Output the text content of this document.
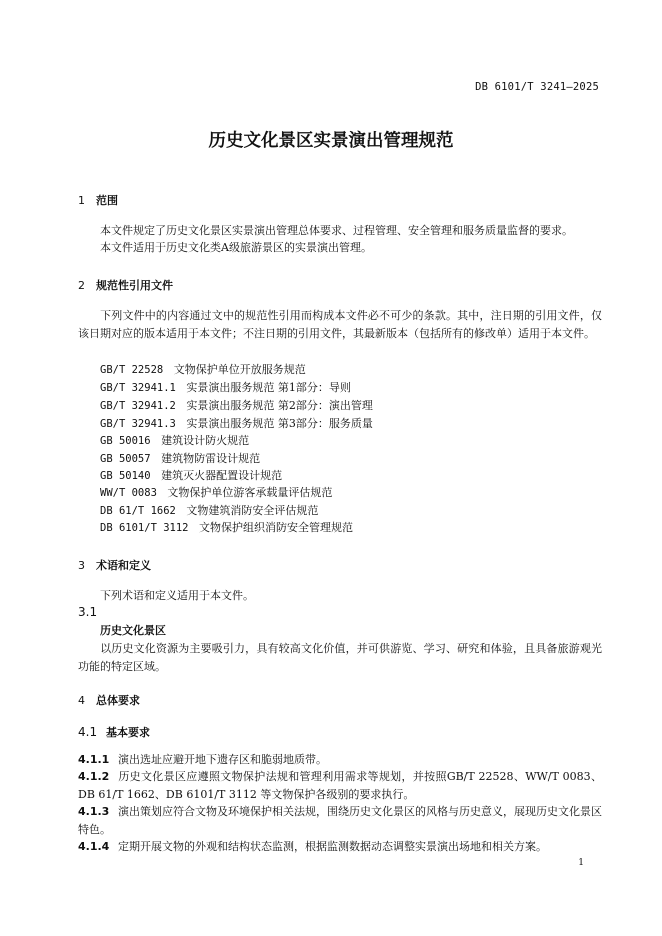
DB 6101/T 3241—2025
历史文化景区实景演出管理规范
1 范围
本文件规定了历史文化景区实景演出管理总体要求、过程管理、安全管理和服务质量监督的要求。
本文件适用于历史文化类A级旅游景区的实景演出管理。
2 规范性引用文件
下列文件中的内容通过文中的规范性引用而构成本文件必不可少的条款。其中，注日期的引用文件，仅该日期对应的版本适用于本文件；不注日期的引用文件，其最新版本（包括所有的修改单）适用于本文件。
GB/T 22528 文物保护单位开放服务规范
GB/T 32941.1 实景演出服务规范 第1部分：导则
GB/T 32941.2 实景演出服务规范 第2部分：演出管理
GB/T 32941.3 实景演出服务规范 第3部分：服务质量
GB 50016 建筑设计防火规范
GB 50057 建筑物防雷设计规范
GB 50140 建筑灭火器配置设计规范
WW/T 0083 文物保护单位游客承载量评估规范
DB 61/T 1662 文物建筑消防安全评估规范
DB 6101/T 3112 文物保护组织消防安全管理规范
3 术语和定义
下列术语和定义适用于本文件。
3.1
历史文化景区
以历史文化资源为主要吸引力，具有较高文化价值，并可供游览、学习、研究和体验，且具备旅游观光功能的特定区域。
4 总体要求
4.1 基本要求
4.1.1 演出选址应避开地下遗存区和脆弱地质带。
4.1.2 历史文化景区应遵照文物保护法规和管理利用需求等规划，并按照GB/T 22528、WW/T 0083、DB 61/T 1662、DB 6101/T 3112 等文物保护各级别的要求执行。
4.1.3 演出策划应符合文物及环境保护相关法规，围绕历史文化景区的风格与历史意义，展现历史文化景区特色。
4.1.4 定期开展文物的外观和结构状态监测，根据监测数据动态调整实景演出场地和相关方案。
1
